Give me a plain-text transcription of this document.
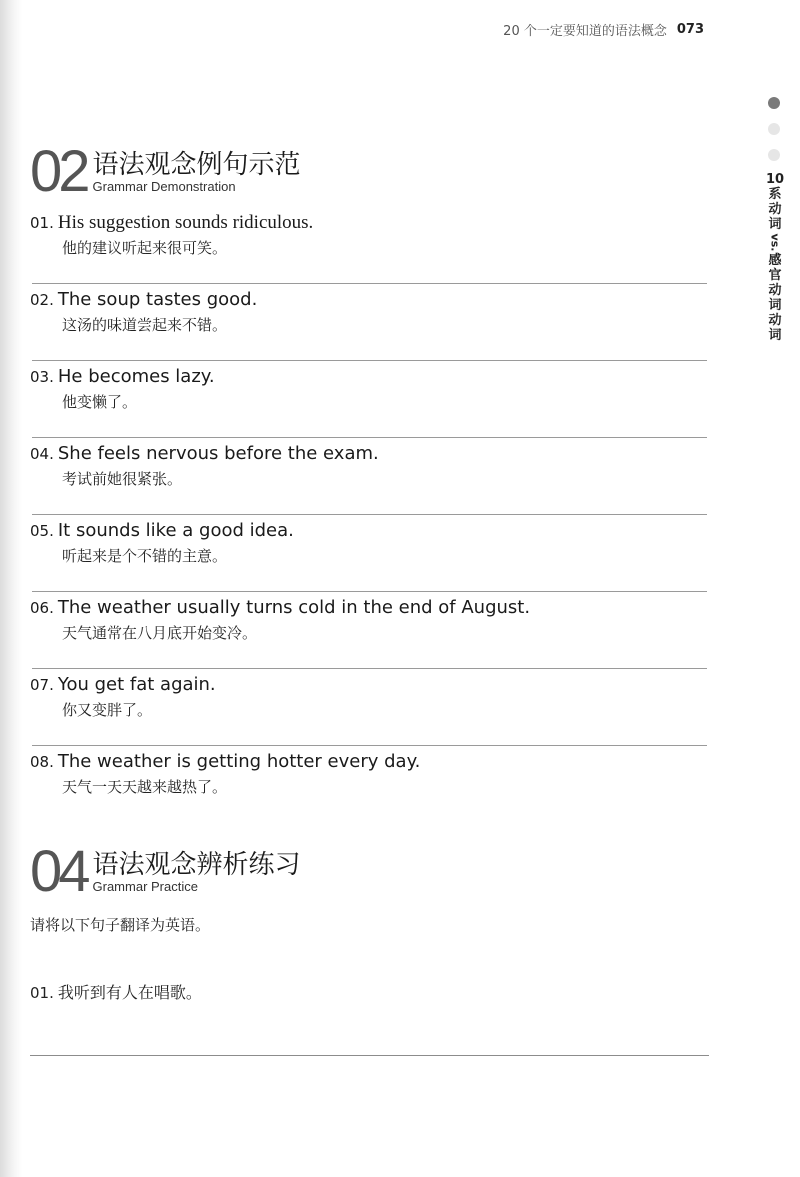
20 个一定要知道的语法概念 073
10
系
动
词
vs.
感
官
动
词
动
词
02 语法观念例句示范
Grammar Demonstration
01. His suggestion sounds ridiculous.
他的建议听起来很可笑。
02. The soup tastes good.
这汤的味道尝起来不错。
03. He becomes lazy.
他变懒了。
04. She feels nervous before the exam.
考试前她很紧张。
05. It sounds like a good idea.
听起来是个不错的主意。
06. The weather usually turns cold in the end of August.
天气通常在八月底开始变冷。
07. You get fat again.
你又变胖了。
08. The weather is getting hotter every day.
天气一天天越来越热了。
04 语法观念辨析练习
Grammar Practice
请将以下句子翻译为英语。
01. 我听到有人在唱歌。
